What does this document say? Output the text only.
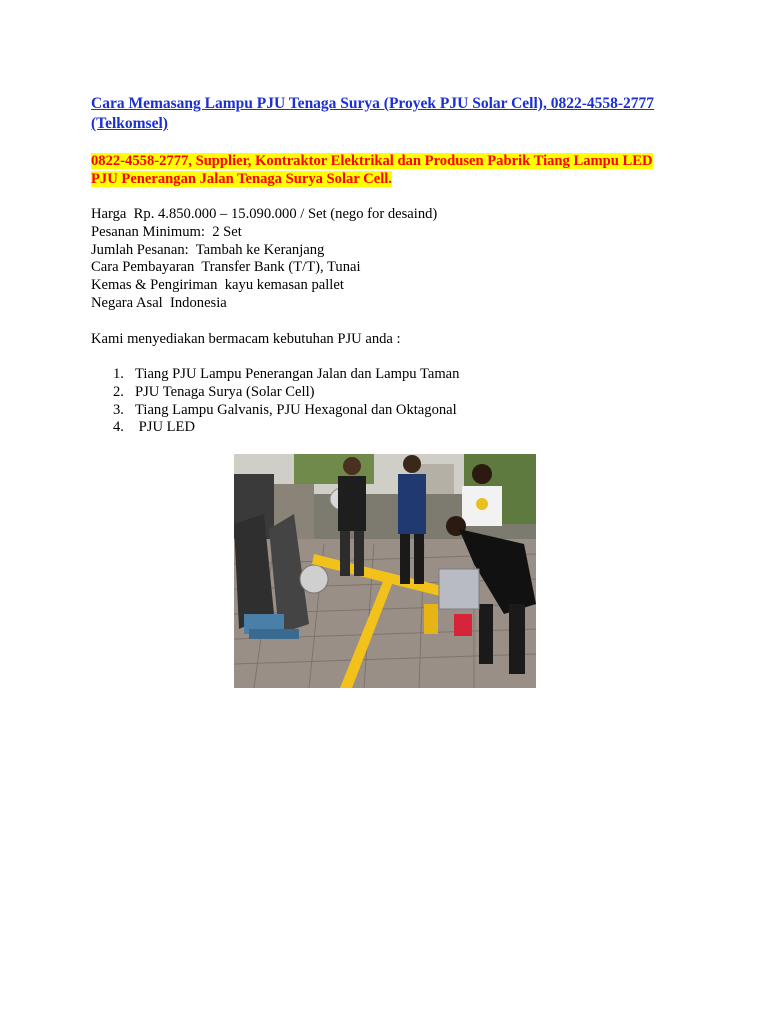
Cara Memasang Lampu PJU Tenaga Surya (Proyek PJU Solar Cell), 0822-4558-2777 (Telkomsel)

0822-4558-2777, Supplier, Kontraktor Elektrikal dan Produsen Pabrik Tiang Lampu LED
PJU Penerangan Jalan Tenaga Surya Solar Cell.

Harga  Rp. 4.850.000 – 15.090.000 / Set (nego for desaind)
Pesanan Minimum:  2 Set
Jumlah Pesanan:  Tambah ke Keranjang
Cara Pembayaran  Transfer Bank (T/T), Tunai
Kemas & Pengiriman  kayu kemasan pallet
Negara Asal  Indonesia
Kami menyediakan bermacam kebutuhan PJU anda :
1. Tiang PJU Lampu Penerangan Jalan dan Lampu Taman
2. PJU Tenaga Surya (Solar Cell)
3. Tiang Lampu Galvanis, PJU Hexagonal dan Oktagonal
4. PJU LED
